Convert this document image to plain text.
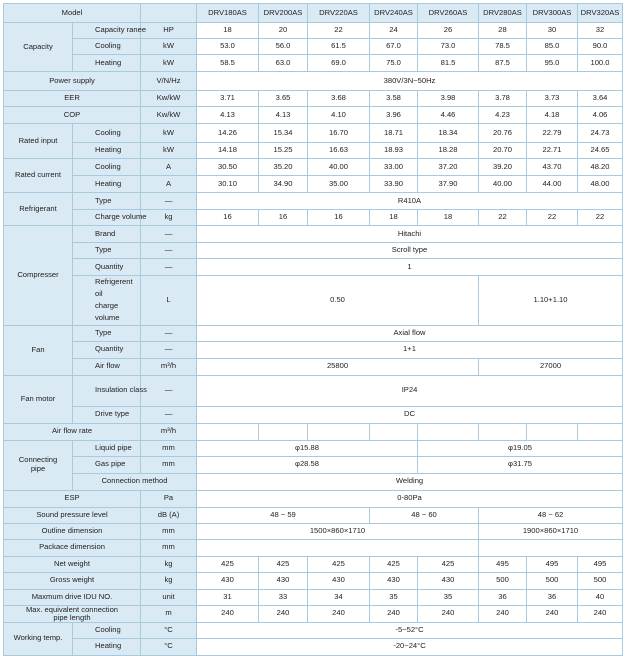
Model			DRV180AS	DRV200AS	DRV220AS	DRV240AS	DRV260AS	DRV280AS	DRV300AS	DRV320AS
Capacity	Capacity ranee	HP	18	20	22	24	26	28	30	32
	Cooling	kW	53.0	56.0	61.5	67.0	73.0	78.5	85.0	90.0
	Heating	kW	58.5	63.0	69.0	75.0	81.5	87.5	95.0	100.0
Power supply		V/N/Hz	380V/3N~50Hz							
EER		Kw/kW	3.71	3.65	3.68	3.58	3.98	3.78	3.73	3.64
COP		Kw/kW	4.13	4.13	4.10	3.96	4.46	4.23	4.18	4.06
Rated input	Cooling	kW	14.26	15.34	16.70	18.71	18.34	20.76	22.79	24.73
	Heating	kW	14.18	15.25	16.63	18.93	18.28	20.70	22.71	24.65
Rated current	Cooling	A	30.50	35.20	40.00	33.00	37.20	39.20	43.70	48.20
	Heating	A	30.10	34.90	35.00	33.90	37.90	40.00	44.00	48.00
Refrigerant	Type	—	R410A							
	Charge volume	kg	16	16	16	18	18	22	22	22
Compresser	Brand	—	Hitachi							
	Type	—	Scroll type							
	Quantity	—	1							
	Refrigerent oil
charge volume	L	0.50					1.10+1.10		
Fan	Type	—	Axial flow							
	Quantity	—	1+1							
	Air flow	m³/h	25800					27000		
Fan motor	Insulation class	—	IP24							
	Drive type	—	DC							
Air flow rate		m³/h								
Connecting
pipe	Liquid pipe	mm	φ15.88				φ19.05			
	Gas pipe	mm	φ28.58				φ31.75			
	Connection method		Welding							
ESP		Pa	0-80Pa							
Sound pressure level		dB (A)	48 ~ 59			48 ~ 60		48 ~ 62		
Outline dimension		mm	1500×860×1710					1900×860×1710		
Packace dimension		mm								
Net weight		kg	425	425	425	425	425	495	495	495
Gross weight		kg	430	430	430	430	430	500	500	500
Maxmum drive IDU NO.		unit	31	33	34	35	35	36	36	40
Max. equivalent connection
pipe length		m	240	240	240	240	240	240	240	240
Working temp.	Cooling	°C	-5~52°C							
	Heating	°C	-20~24°C							
